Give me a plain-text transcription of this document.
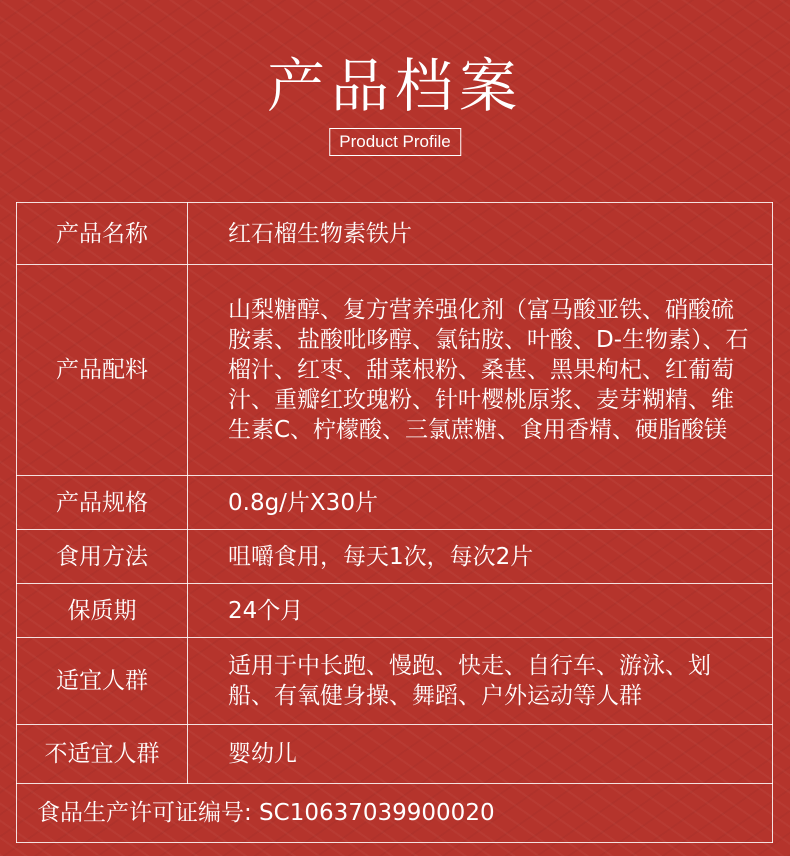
产品档案
Product Profile
产品名称	红石榴生物素铁片
产品配料	山梨糖醇、复方营养强化剂（富马酸亚铁、硝酸硫胺素、盐酸吡哆醇、氯钴胺、叶酸、D-生物素）、石榴汁、红枣、甜菜根粉、桑葚、黑果枸杞、红葡萄汁、重瓣红玫瑰粉、针叶樱桃原浆、麦芽糊精、维生素C、柠檬酸、三氯蔗糖、食用香精、硬脂酸镁
产品规格	0.8g/片X30片
食用方法	咀嚼食用，每天1次，每次2片
保质期	24个月
适宜人群	适用于中长跑、慢跑、快走、自行车、游泳、划船、有氧健身操、舞蹈、户外运动等人群
不适宜人群	婴幼儿
食品生产许可证编号: SC10637039900020	
